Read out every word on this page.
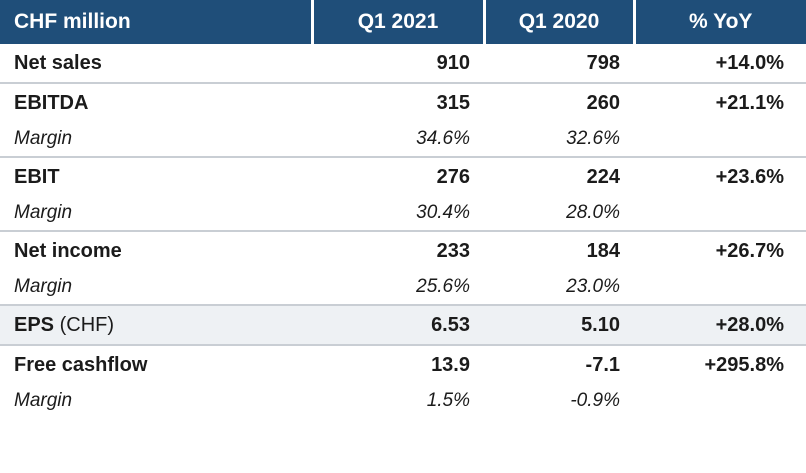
CHF million	Q1 2021	Q1 2020	% YoY
Net sales	910	798	+14.0%
EBITDA	315	260	+21.1%
Margin	34.6%	32.6%	
EBIT	276	224	+23.6%
Margin	30.4%	28.0%	
Net income	233	184	+26.7%
Margin	25.6%	23.0%	
EPS (CHF)	6.53	5.10	+28.0%
Free cashflow	13.9	-7.1	+295.8%
Margin	1.5%	-0.9%	
